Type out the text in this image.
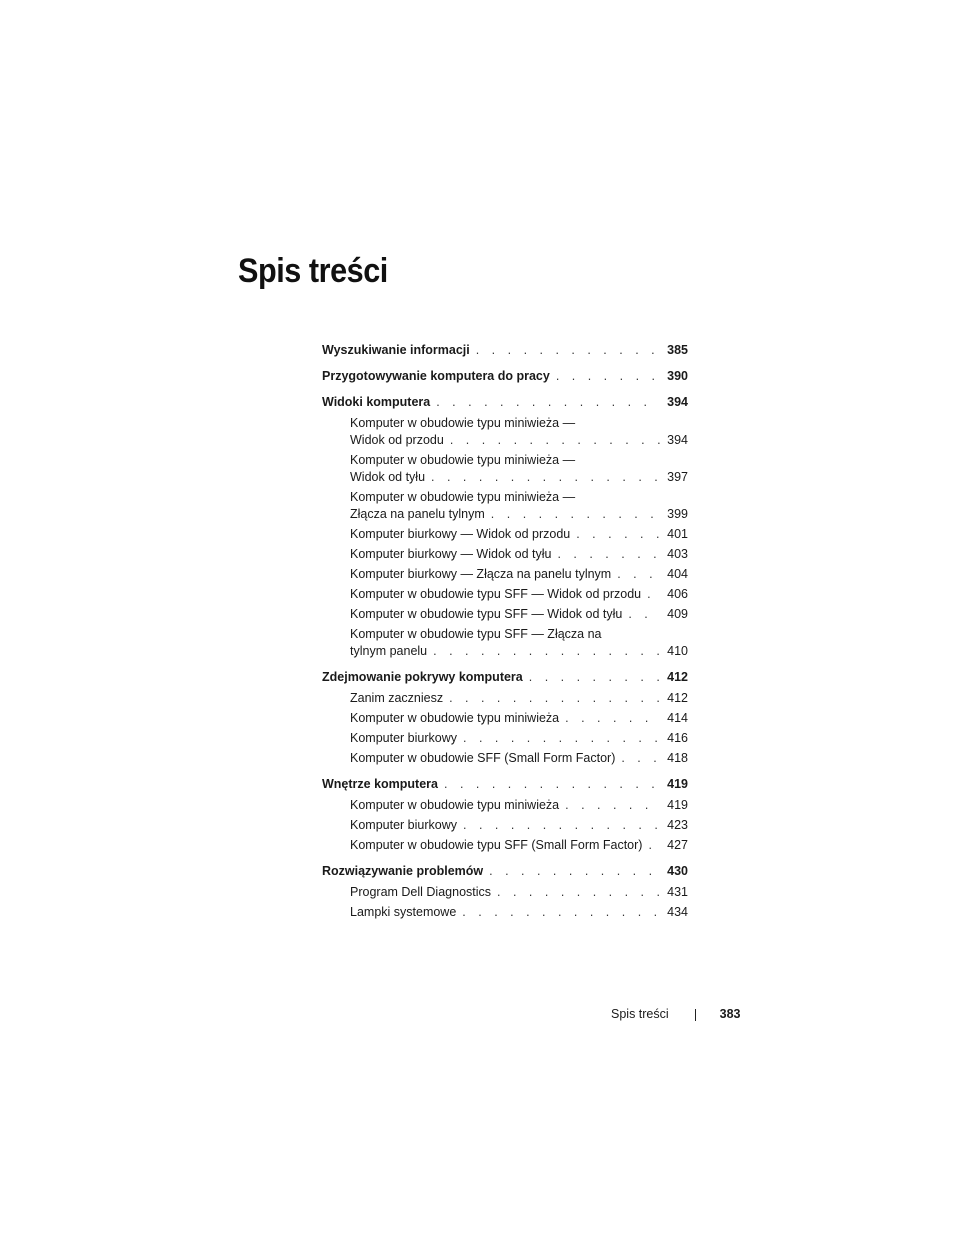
Spis treści
Wyszukiwanie informacji . . .	385
Przygotowywanie komputera do pracy . . .	390
Widoki komputera . . .	394
Komputer w obudowie typu miniwieża —
Widok od przodu . . .	394
Komputer w obudowie typu miniwieża —
Widok od tyłu . . .	397
Komputer w obudowie typu miniwieża —
Złącza na panelu tylnym . . .	399
Komputer biurkowy — Widok od przodu . . .	401
Komputer biurkowy — Widok od tyłu . . .	403
Komputer biurkowy — Złącza na panelu tylnym . . .	404
Komputer w obudowie typu SFF — Widok od przodu . . . 406
Komputer w obudowie typu SFF — Widok od tyłu . . .	409
Komputer w obudowie typu SFF — Złącza na
tylnym panelu . . .	410
Zdejmowanie pokrywy komputera . . .	412
Zanim zaczniesz . . .	412
Komputer w obudowie typu miniwieża . . .	414
Komputer biurkowy . . .	416
Komputer w obudowie SFF (Small Form Factor) . . .	418
Wnętrze komputera . . .	419
Komputer w obudowie typu miniwieża . . .	419
Komputer biurkowy . . .	423
Komputer w obudowie typu SFF (Small Form Factor) . . . 427
Rozwiązywanie problemów . . .	430
Program Dell Diagnostics . . .	431
Lampki systemowe . . .	434
Spis treści	383
